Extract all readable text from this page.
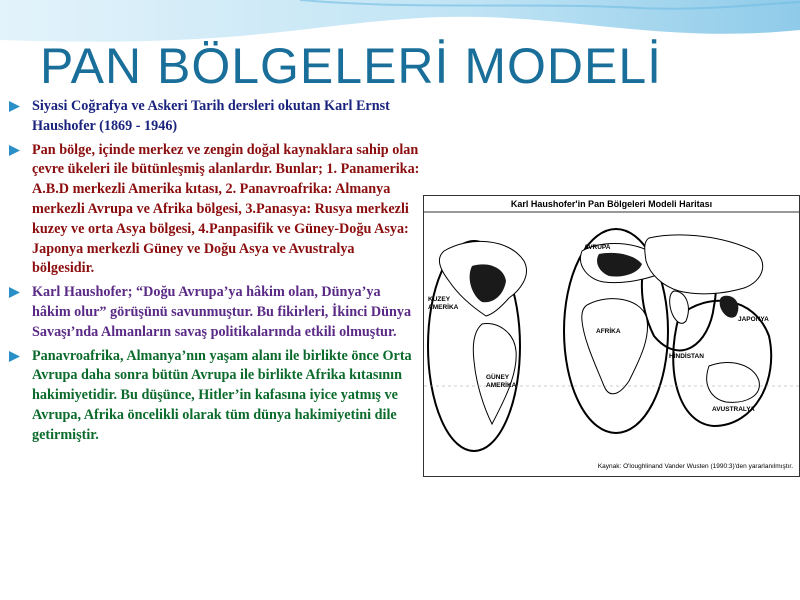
PAN BÖLGELERİ MODELİ
Siyasi Coğrafya ve Askeri Tarih dersleri okutan Karl Ernst Haushofer (1869 - 1946)
Pan bölge, içinde merkez ve zengin doğal kaynaklara sahip olan çevre ükeleri ile bütünleşmiş alanlardır. Bunlar; 1. Panamerika: A.B.D merkezli Amerika kıtası, 2. Panavroafrika: Almanya merkezli Avrupa ve Afrika bölgesi, 3.Panasya: Rusya merkezli kuzey ve orta Asya bölgesi, 4.Panpasifik ve Güney-Doğu Asya: Japonya merkezli Güney ve Doğu Asya ve Avustralya bölgesidir.
Karl Haushofer; “Doğu Avrupa’ya hâkim olan, Dünya’ya hâkim olur” görüşünü savunmuştur. Bu fikirleri, İkinci Dünya Savaşı’nda Almanların savaş politikalarında etkili olmuştur.
Panavroafrika, Almanya’nın yaşam alanı ile birlikte önce Orta Avrupa daha sonra bütün Avrupa ile birlikte Afrika kıtasının hakimiyetidir. Bu düşünce, Hitler’in kafasına iyice yatmış ve Avrupa, Afrika öncelikli olarak tüm dünya hakimiyetini dile getirmiştir.
Karl Haushofer'in Pan Bölgeleri Modeli Haritası
AVRUPA
KUZEY
AMERİKA
AFRİKA
JAPONYA
HİNDİSTAN
GÜNEY
AMERİKA
AVUSTRALYA
Kaynak: O'loughlinand Vander Wusten (1990:3)'den yararlanılmıştır.
